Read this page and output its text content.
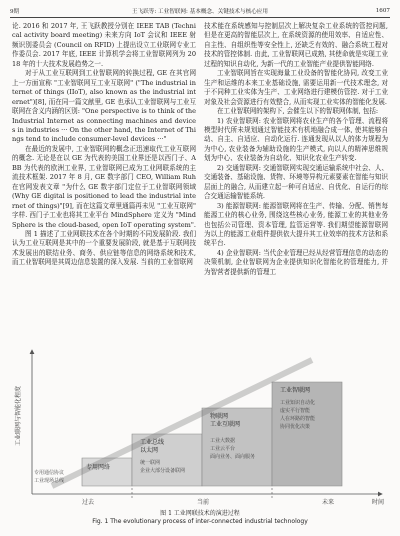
9期	王飞跃等: 工业智联网: 基本概念、关键技术与核心应用	1607

论. 2016 和 2017 年, 王飞跃教授分别在 IEEE TAB (Technical activity board meeting) 未来方向 IoT 会议和 IEEE 射频识别委员会 (Council on RFID) 上提出设立工业联网专业工作委员会. 2017 年底, IEEE 计算机学会将工业智联网列为 2018 年的十大技术发展趋势之一.

对于从工业互联网到工业智联网的转换过程, GE 在其官网上一方面宣称 "工业智联网互工业互联网" ("The industrial internet of things (IIoT), also known as the industrial internet")[8], 而在同一篇文献里, GE 也承认工业智联网与工业互联网在含义内涵的区别: "One perspective is to think of the Industrial Internet as connecting machines and devices in industries ··· On the other hand, the Internet of Things tend to include consumer-level devices ···"

在最近的发展中, 工业智联网的概念正迅速取代工业互联网的概念. 无论是在以 GE 为代表的美国工业界还是以西门子、ABB 为代表的欧洲工业界, 工业智联网已成为工业网联系统的主流技术框架. 2017 年 8 月, GE 数字部门 CEO, William Ruh 在官网发表文章 "为什么 GE 数字部门定位于工业智联网领域 (Why GE digital is positioned to lead the industrial internet of things)"[9], 而在这篇文章里通篇再未见 "工业互联网" 字样. 西门子工业也将其工业平台 MindSphere 定义为 "MindSphere is the cloud-based, open IoT operating system".

图 1 描述了工业网联技术在各个时期的不同发展阶段. 我们认为工业互联网是其中的一个重要发展阶段, 就是基于互联网技术发展出的联结业务、商务、供应链等信息的网络系统和技术, 而工业智联网是其周边信息装置的深入发展. 当前的工业智联网

技术能在系统感知与控制层次上解决复杂工业系统的管控问题, 但是在更高的智能层次上, 在系统资源的使用效率、自适应性、自主性、自组织性等安全性上, 还缺乏有效的、融合系统工程对技术的管控体制. 由此, 工业智联网已成熟, 其使命就是实现工业过程的知识自动化, 为新一代的工业智能产业提供智能网络.

工业智联网旨在实现海量工业设备的智能化协同, 改变工业生产和运维的本来工业基础设施, 需要运用新一代技术理念, 对于不同种工业实体为生产、工业网络进行建模仿管控. 对于工业对象及社会资源进行有效整合, 从而实现工业实体的智能化发展.

在工业智联网的架构下, 会催生以下的智联网体制, 包括:

1) 农业智联网: 农业智联网将农业生产的各个管理、流程将模型时代所未规划通过智能技术有机地融合成一体, 使其能够自动、自主、自适应、自动化运行. 连通发现从以人的体力规程为为中心, 农业装备为辅助设施的生产模式, 向以人的精神思维规划为中心、农业装备为自动化、知识化农业生产转变.

2) 交通智联网: 交通智联网实现交通运输系统中社会、人、交通装备、基础设施、货物、环境等异构元素要素在智能与知识层面上的融合, 从而建立起一种可自适应、自优化、自运行的综合交通运输智能系统.

3) 能源智联网: 能源智联网将在生产、传输、分配、销售每能源工业的核心业务, 围绕这些核心业务, 能源工业的其他业务也包括公司管理、资本管理, 监管运营等. 我们期望能源智联网为以上的能源工业组件提供依大提升其工业效率的技术方法和系统平台.

4) 企业智联网: 当代企业管理已经从经营管理信息的动态的决策机制, 企业智联网为企业提供知识化智能化的管理能力, 并为智营者提供新的管理工

工业联网与智能化程度
时间
专用网络
工业总线 以太网
物联网 工业互联网
工业智联网
专用通信协议
工业现场总线
统一联网
企业大部分设备联网
工业大数据
工业云平台
面向业务、面向服务
工业知识自动化
虚实平行智能
人在环路的智能
协同优化决策
过去	当前	未来
图 1 工业网联技术的演进过程
Fig. 1 The evolutionary process of inter-connected industrial technology
